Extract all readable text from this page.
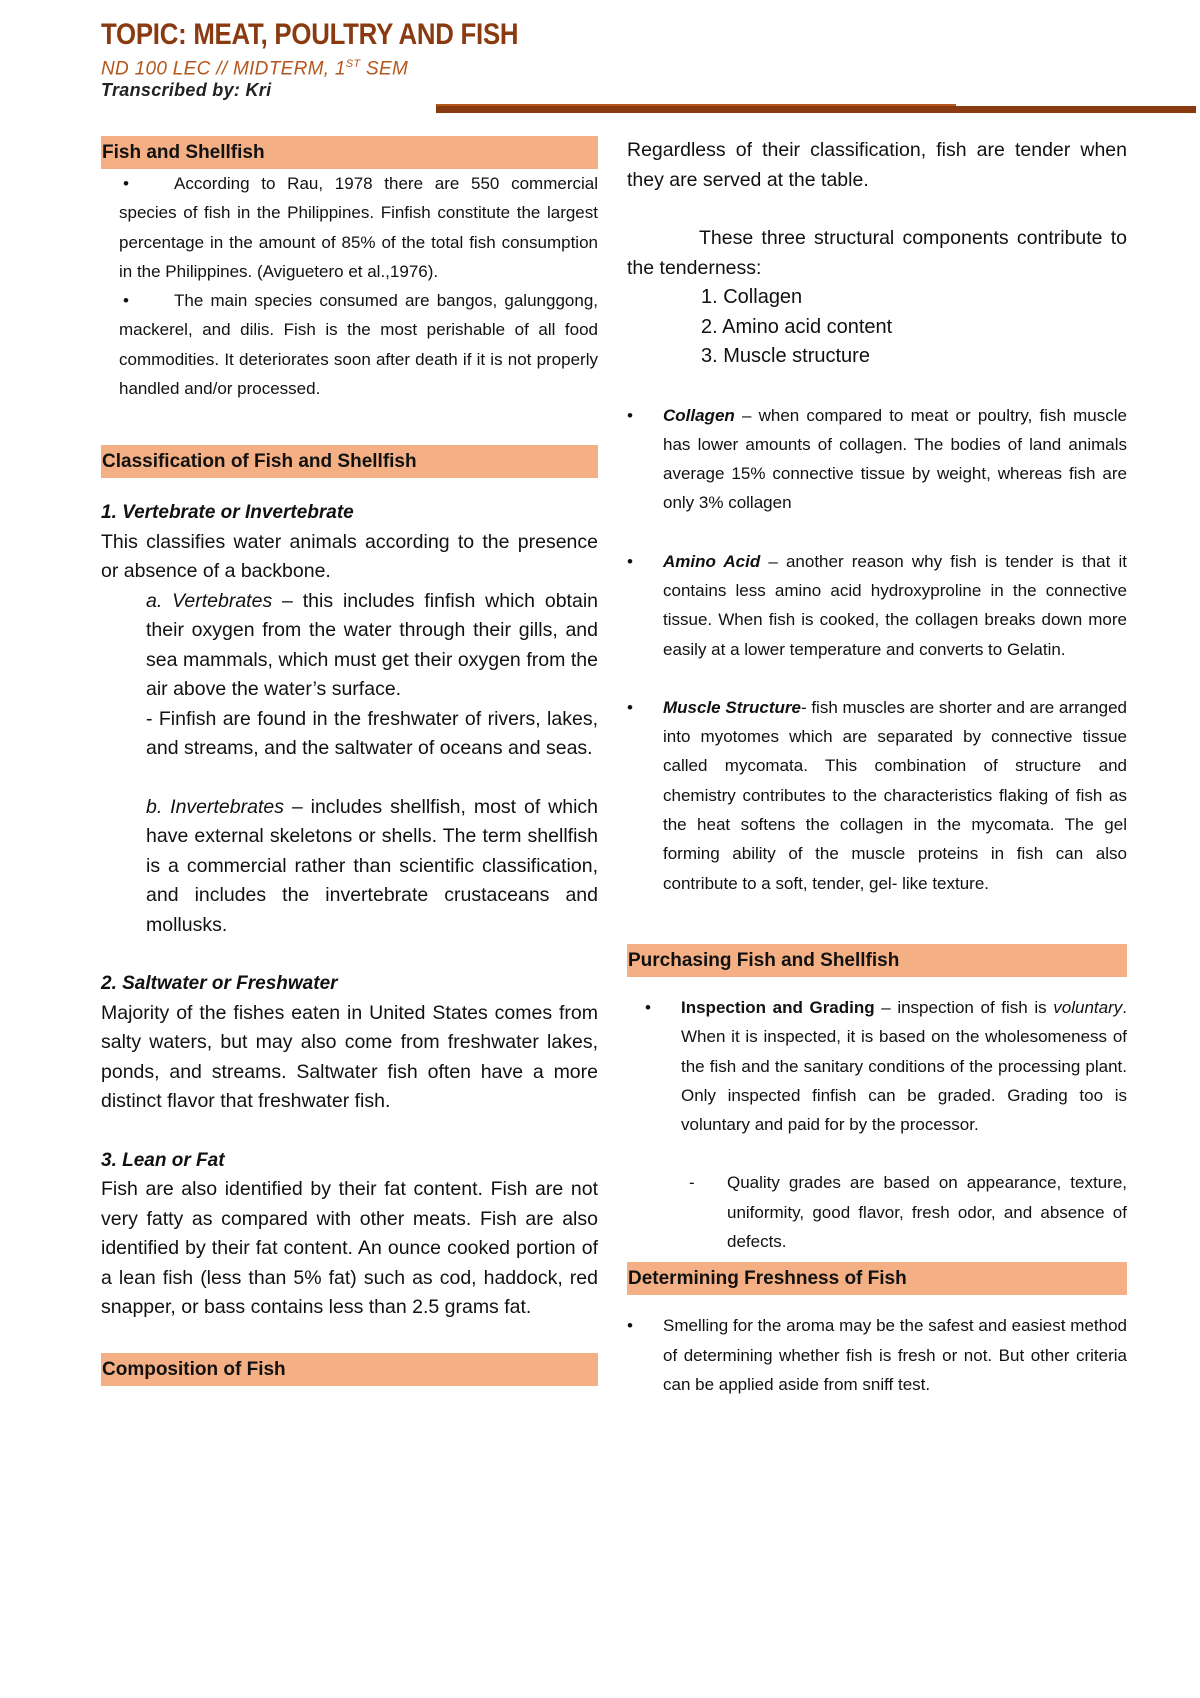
TOPIC: MEAT, POULTRY AND FISH
ND 100 LEC // MIDTERM, 1ST SEM
Transcribed by: Kri
Fish and Shellfish
•	According to Rau, 1978 there are 550 commercial species of fish in the Philippines. Finfish constitute the largest percentage in the amount of 85% of the total fish consumption in the Philippines. (Aviguetero et al.,1976).

•	The main species consumed are bangos, galunggong, mackerel, and dilis. Fish is the most perishable of all food commodities. It deteriorates soon after death if it is not properly handled and/or processed.

Classification of Fish and Shellfish

1. Vertebrate or Invertebrate

This classifies water animals according to the presence or absence of a backbone.

a. Vertebrates – this includes finfish which obtain their oxygen from the water through their gills, and sea mammals, which must get their oxygen from the air above the water’s surface.

- Finfish are found in the freshwater of rivers, lakes, and streams, and the saltwater of oceans and seas.

b. Invertebrates – includes shellfish, most of which have external skeletons or shells. The term shellfish is a commercial rather than scientific classification, and includes the invertebrate crustaceans and mollusks.

2. Saltwater or Freshwater

Majority of the fishes eaten in United States comes from salty waters, but may also come from freshwater lakes, ponds, and streams. Saltwater fish often have a more distinct flavor that freshwater fish.

3. Lean or Fat

Fish are also identified by their fat content. Fish are not very fatty as compared with other meats. Fish are also identified by their fat content. An ounce cooked portion of a lean fish (less than 5% fat) such as cod, haddock, red snapper, or bass contains less than 2.5 grams fat.

Composition of Fish

Regardless of their classification, fish are tender when they are served at the table.

These three structural components contribute to the tenderness:

1. Collagen
2. Amino acid content
3. Muscle structure
• Collagen – when compared to meat or poultry, fish muscle has lower amounts of collagen. The bodies of land animals average 15% connective tissue by weight, whereas fish are only 3% collagen

• Amino Acid – another reason why fish is tender is that it contains less amino acid hydroxyproline in the connective tissue. When fish is cooked, the collagen breaks down more easily at a lower temperature and converts to Gelatin.

• Muscle Structure- fish muscles are shorter and are arranged into myotomes which are separated by connective tissue called mycomata. This combination of structure and chemistry contributes to the characteristics flaking of fish as the heat softens the collagen in the mycomata. The gel forming ability of the muscle proteins in fish can also contribute to a soft, tender, gel- like texture.

Purchasing Fish and Shellfish
• Inspection and Grading – inspection of fish is voluntary. When it is inspected, it is based on the wholesomeness of the fish and the sanitary conditions of the processing plant. Only inspected finfish can be graded. Grading too is voluntary and paid for by the processor.

- Quality grades are based on appearance, texture, uniformity, good flavor, fresh odor, and absence of defects.

Determining Freshness of Fish
• Smelling for the aroma may be the safest and easiest method of determining whether fish is fresh or not. But other criteria can be applied aside from sniff test.
